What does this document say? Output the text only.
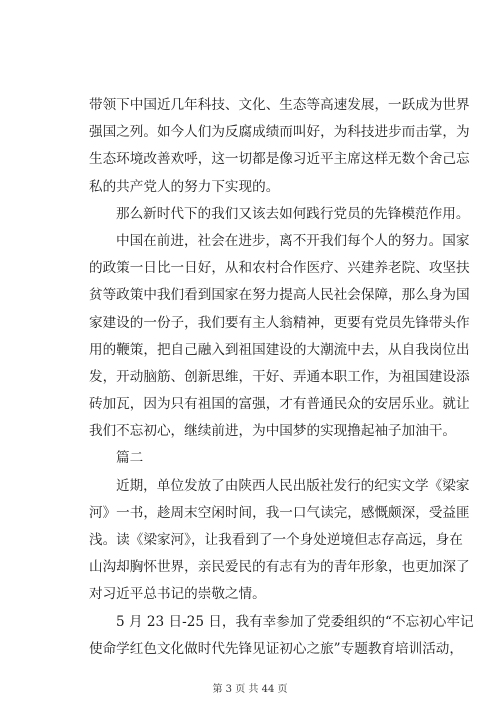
带领下中国近几年科技、文化、生态等高速发展，一跃成为世界
强国之列。如今人们为反腐成绩而叫好，为科技进步而击掌，为
生态环境改善欢呼，这一切都是像习近平主席这样无数个舍己忘
私的共产党人的努力下实现的。
那么新时代下的我们又该去如何践行党员的先锋模范作用。
中国在前进，社会在进步，离不开我们每个人的努力。国家
的政策一日比一日好，从和农村合作医疗、兴建养老院、攻坚扶
贫等政策中我们看到国家在努力提高人民社会保障，那么身为国
家建设的一份子，我们要有主人翁精神，更要有党员先锋带头作
用的鞭策，把自己融入到祖国建设的大潮流中去，从自我岗位出
发，开动脑筋、创新思维，干好、弄通本职工作，为祖国建设添
砖加瓦，因为只有祖国的富强，才有普通民众的安居乐业。就让
我们不忘初心，继续前进，为中国梦的实现撸起袖子加油干。
篇二
近期，单位发放了由陕西人民出版社发行的纪实文学《梁家
河》一书，趁周末空闲时间，我一口气读完，感慨颇深，受益匪
浅。读《梁家河》，让我看到了一个身处逆境但志存高远，身在
山沟却胸怀世界，亲民爱民的有志有为的青年形象，也更加深了
对习近平总书记的崇敬之情。
5 月 23 日-25 日，我有幸参加了党委组织的“不忘初心牢记
使命学红色文化做时代先锋见证初心之旅”专题教育培训活动，
第 3 页 共 44 页
